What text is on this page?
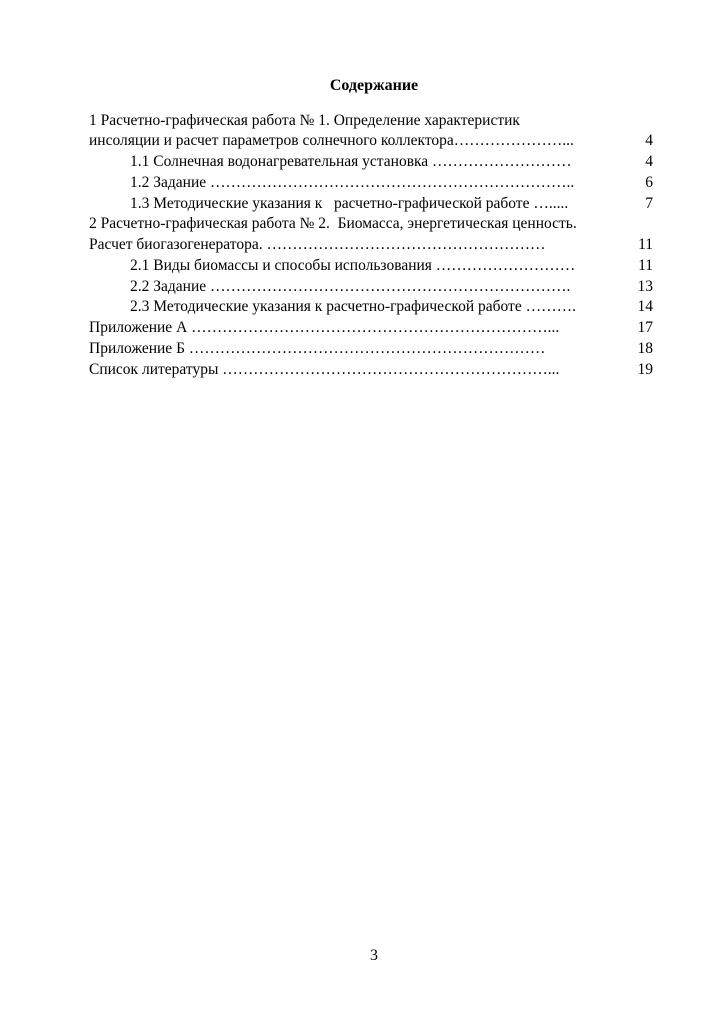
Содержание
1 Расчетно-графическая работа № 1. Определение характеристик
инсоляции и расчет параметров солнечного коллектора…………………...	4
1.1 Солнечная водонагревательная установка ………………………	4
1.2 Задание ……………………………………………………………..	6
1.3 Методические указания к   расчетно-графической работе ….....	7
2 Расчетно-графическая работа № 2.  Биомасса, энергетическая ценность.
Расчет биогазогенератора. ………………………………………………	11
2.1 Виды биомассы и способы использования ………………………	11
2.2 Задание …………………………………………………………….	13
2.3 Методические указания к расчетно-графической работе ……….	14
Приложение А ……………………………………………………………...	17
Приложение Б ……………………………………………………………	18
Список литературы ………………………………………………………...	19
3
